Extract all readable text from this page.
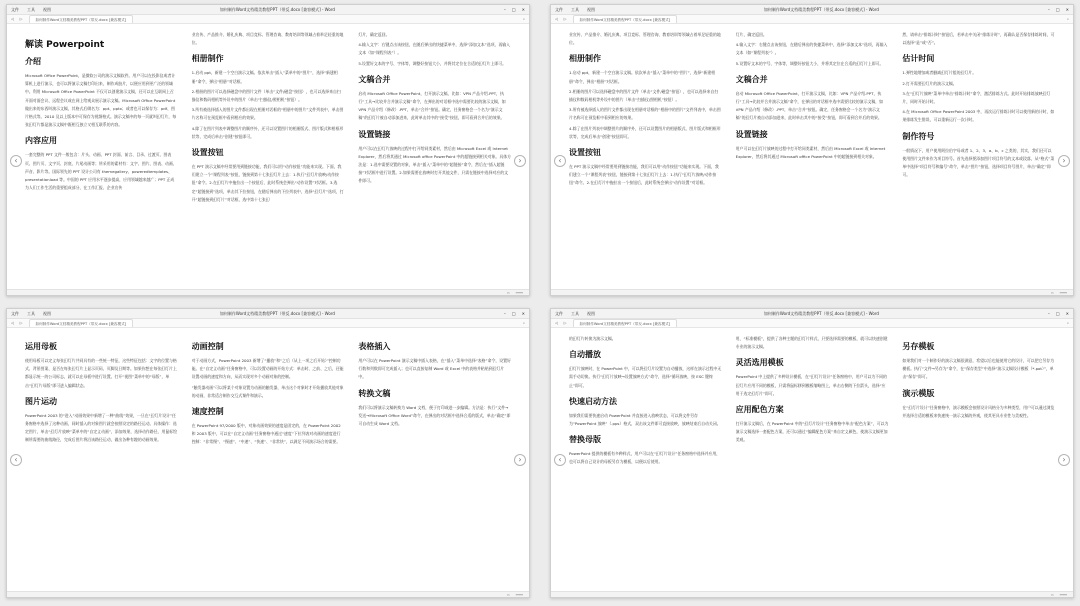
文件 工具 视图	如何制作Word文档精美教程PPT（带反.docx [兼容模式] - Word	– □ ✕
◁ ▷	如何制作Word文档精美教程PPT（带反.docx [兼容模式]	⌕
解读 Powerpoint
介绍

Microsoft Office PowerPoint，是微软公司的演示文稿软件。用户可以在投影仪或者计算机上进行演示，也可以将演示文稿打印出来，制作成胶片，以便应用到更广泛的领域中。利用 Microsoft Office PowerPoint 不仅可以创建演示文稿，还可以在互联网上召开面对面会议、远程会议或在网上给观众展示演示文稿。Microsoft Office PowerPoint做出来的东西叫演示文稿，其格式后缀名为：ppt、pptx；或者也可以保存为：pdf、图片格式等。2010 及以上版本中可保存为视频格式。演示文稿中的每一页就叫幻灯片，每张幻灯片都是演示文稿中既相互独立又相互联系的内容。

内容应用

一套完整的 PPT 文件一般包含：片头、动画、PPT 封面、前言、目录、过渡页、图表页、图片页、文字页、封底、片尾动画等；所采用的素材有：文字、图片、图表、动画、声音、影片等。国际领先的 PPT 设计公司有 themegallery、poweredtemplates、presentationload 等。中国的 PPT 应用水平逐步提高，应用领域越来越广；PPT 正成为人们工作生活的重要组成部分，在工作汇报、企业宣传

业宣传、产品推介、婚礼庆典、项目竞标、管理咨询、教育培训等领域占着举足轻重的地位。

相册制作

1.启动 ppt，新建一个空白演示文稿。依次单击“插入”菜单中的“图片”，选择“新建相册”命令，弹出“相册”对话框。

2.相册的图片可以选择磁盘中的图片文件（单击“文件/磁盘”按钮），也可以选择来自扫描仪和数码相机等外设中的图片（单击“扫描仪/照相机”按钮）。

3.所有被选择插入的图片文件都出现在相册对话框的“相册中的图片”文件列表中，单击图片名称可在预览框中看到相应的效果。

4.除了在图片列表中调整图片的顺序外，还可以设置图片的相册版式、图片版式和相框形状等，完成后单击“创建”按钮即可。

设置按钮

在 PPT 演示文稿中经常要用到链接功能，我们可以用“动作按钮”功能来实现。下面，我们建立一个“课程列表”按钮，链接到第十七张幻灯片上去：1.执行“幻灯片放映/动作按钮”命令。2.在幻灯片中拖拉出一个按钮后，此时系统会弹出“动作设置”对话框。3.选定“超链接到”选项，单击其下拉按钮，在随后弹出的下拉列表中，选择“幻灯片”选项，打开“超链接到幻灯片”对话框，选中第十七张幻

灯片，确定返回。

4.输入文字：右键点击该按钮，在随后弹出的快捷菜单中，选择“添加文本”选项，再输入文本（如“课程列表”）。

5.设置好文本的字号、字体等，调整好按钮大小，并将其定位在合适的幻灯片上即可。

文稿合并

启动 Microsoft Office PowerPoint，打开演示文稿，比如：VPN 产品介绍.PPT，执行“工具→比较并合并演示文稿”命令，在弹出的对话框中选中需要比较的演示文稿，如 VPN 产品介绍（修改）.PPT，单击“合并”按钮。确定，任务窗格会一个名为“演示文稿”的幻灯片被自动添加进来，此时单击其中的“接受”按钮，即可看到合并后的效果。

设置链接

用户可以在幻灯片放映的过程中打开给同类素材，然后由 Microsoft Excel 或 Internet Explorer，然后将其通过 Microsoft office PowerPoint 中的超链接到相关对象。具体方法是：1.选中需要设置的对象，单击“插入”菜单中的“超链接”命令，然后在“插入超链接”对话框中进行设置。2.如果需要在放映时打开其他文件，只需在链接中选择对应的文件即可。

‹	›
▭ ━━━━
文件 工具 视图	如何制作Word文档精美教程PPT（带反.docx [兼容模式] - Word	– □ ✕
◁ ▷	如何制作Word文档精美教程PPT（带反.docx [兼容模式]	⌕

业宣传、产品推介、婚礼庆典、项目竞标、管理咨询、教育培训等领域占着举足轻重的地位。

相册制作

1.启动 ppt，新建一个空白演示文稿。依次单击“插入”菜单中的“图片”，选择“新建相册”命令，弹出“相册”对话框。

2.相册的图片可以选择磁盘中的图片文件（单击“文件/磁盘”按钮），也可以选择来自扫描仪和数码相机等外设中的图片（单击“扫描仪/照相机”按钮）。

3.所有被选择插入的图片文件都出现在相册对话框的“相册中的图片”文件列表中，单击图片名称可在预览框中看到相应的效果。

4.除了在图片列表中调整图片的顺序外，还可以设置图片的相册版式、图片版式和相框形状等，完成后单击“创建”按钮即可。

设置按钮

在 PPT 演示文稿中经常要用到链接功能，我们可以用“动作按钮”功能来实现。下面，我们建立一个“课程列表”按钮，链接到第十七张幻灯片上去：1.执行“幻灯片放映/动作按钮”命令。2.在幻灯片中拖拉出一个按钮后，此时系统会弹出“动作设置”对话框。

灯片，确定返回。

4.输入文字：右键点击该按钮，在随后弹出的快捷菜单中，选择“添加文本”选项，再输入文本（如“课程列表”）。

5.设置好文本的字号、字体等，调整好按钮大小，并将其定位在合适的幻灯片上即可。

文稿合并

启动 Microsoft Office PowerPoint，打开演示文稿，比如：VPN 产品介绍.PPT，执行“工具→比较并合并演示文稿”命令，在弹出的对话框中选中需要比较的演示文稿，如 VPN 产品介绍（修改）.PPT，单击“合并”按钮。确定，任务窗格会一个名为“演示文稿”的幻灯片被自动添加进来，此时单击其中的“接受”按钮，即可看到合并后的效果。

设置链接

用户可以在幻灯片放映的过程中打开给同类素材，然后由 Microsoft Excel 或 Internet Explorer，然后将其通过 Microsoft office PowerPoint 中的超链接到相关对象。

然，请单击“排练计时”按钮后，若单击中关闭“排练计时”，再确认是否保存排练时间，可以选择“是”或“否”。

估计时间

1.弹性地增加或者删减幻灯片组的幻灯片。

2.打开需要幻灯片的演示文稿。

3.在“幻灯片放映”菜单中单击“排练计时”命令，激活排练方式。此时开始排练放映幻灯片，同时开始计时。

4.在 Microsoft Office PowerPoint 2003 中，再次运行排练计时可以使用新的计时，如果排练发生错误，可以重新运行一次计时。

制作符号

一般情况下，用户使用阿拉伯字母或者 1、2、3、a、b、c 之类的，其实，我们还可以使用图片文件来作为项目符号。首先选择要添加图片项目符号的文本或段落，从“格式”菜单中选择“项目符号和编号”命令，单击“图片”按钮，选择项目符号图片，单击“确定”即可。

‹	›
▭ ━━━━
文件 工具 视图	如何制作Word文档精美教程PPT（带反.docx [兼容模式] - Word	– □ ✕
◁ ▷	如何制作Word文档精美教程PPT（带反.docx [兼容模式]	⌕
运用母板

使用母板可以定义每张幻灯片共同具有的一些统一特征，这些特征包括：文字的位置与格式、背景图案、是否在每张幻灯片上显示页码、页脚及日期等。如果你想在每张幻灯片上都显示统一的公司标志，就可以在母板中进行设置。打开“视图”菜单中的“母版”，单击“幻灯片母版”即可进入编辑状态。

图片运动

PowerPoint 2003 的“进入”动画效果中新增了一种“曲线”效果，一旦在“幻灯片设计”任务窗格中选择了这种动画，同时插入的对象图片就会按照设定的路径运动。具体操作：选定图片，单击“幻灯片放映”菜单中的“自定义动画”，添加效果，选择动作路径，用鼠标绘制所需要的曲线路径，完成后图片将沿该路径运动，做出各种有趣的动画效果。

动画控制

对于动画方式，PowerPoint 2003 新增了“播放”和“之后（从上一项之后开始）”控制功能。在“自定义动画”任务窗格中，可以设置动画的开始方式：单击时、之前、之后，还能设置动画的速度和方向，从而实现对多个动画对象的控制。

“触发器动画”可以将某个对象设置为动画的触发器，单击这个对象时才开始播放其他对象的动画，非常适合制作交互式课件和演示。

速度控制

在 PowerPoint 97/2000 版中，对象动画效果的速度是固定的，在 PowerPoint 2002 和 2003 版中，可以在“自定义动画”任务窗格中通过“速度”下拉列表对动画的速度进行控制：“非常慢”、“慢速”、“中速”、“快速”、“非常快”，以满足不同演示场合的需要。

表格插入

用户可以在 PowerPoint 演示文稿中插入表格，在“插入”菜单中选择“表格”命令，设置好行数和列数即可完成插入；也可以直接复制 Word 或 Excel 中的表格并粘贴到幻灯片中。

转换文稿

我们可以将演示文稿转换为 Word 文档，便于打印或进一步编辑。方法是：执行“文件→发送→Microsoft Office Word”命令，在弹出的对话框中选择合适的版式，单击“确定”即可自动生成 Word 文档。

‹	›
▭ ━━━━
文件 工具 视图	如何制作Word文档精美教程PPT（带反.docx [兼容模式] - Word	– □ ✕
◁ ▷	如何制作Word文档精美教程PPT（带反.docx [兼容模式]	⌕

的幻灯片转换为演示文稿。

自动播放

幻灯片放映时，在 PowerPoint 中，可以将幻灯片设置为自动播放，这样在演示过程中无需手动切换。执行“幻灯片放映→设置放映方式”命令，选择“循环放映，按 ESC 键终止”即可。

快速启动方法

如果我们需要快速启动 PowerPoint 并直接进入放映状态，可以将文件另存为“PowerPoint 放映”（.pps）格式，双击该文件即可直接放映，放映结束后自动关闭。

替换母版

PowerPoint 提供的模板有多种样式，用户可以在“幻灯片设计”任务窗格中选择并应用，也可以将自己设计的母板另存为模板，以便以后使用。

用，“标准模板”，提供了各种主题的幻灯片样式，只要选择需要的模板，就可以快速创建专业的演示文稿。

灵活选用模板

PowerPoint 中上提供了多种设计模板，在“幻灯片设计”任务窗格中，用户可以为不同的幻灯片应用不同的模板，只需将鼠标移到模板缩略图上，单击右侧的下拉箭头，选择“应用于选定幻灯片”即可。

应用配色方案

打开演示文稿后，在 PowerPoint 中的“幻灯片设计”任务窗格中单击“配色方案”，可以为演示文稿选择一套配色方案，还可以通过“编辑配色方案”来自定义颜色，使演示文稿更加美观。

另存模板

如果我们对一个制作好的演示文稿很满意，希望以后也能使用它的设计，可以把它另存为模板。执行“文件→另存为”命令，在“保存类型”中选择“演示文稿设计模板（*.pot）”，单击“保存”即可。

演示模版

在“幻灯片设计”任务窗格中，演示模板会按照设计风格分为多种类型，用户可以通过浏览并选择合适的模板来快速统一演示文稿的外观，使其更具专业性与美观性。

‹	›
▭ ━━━━
